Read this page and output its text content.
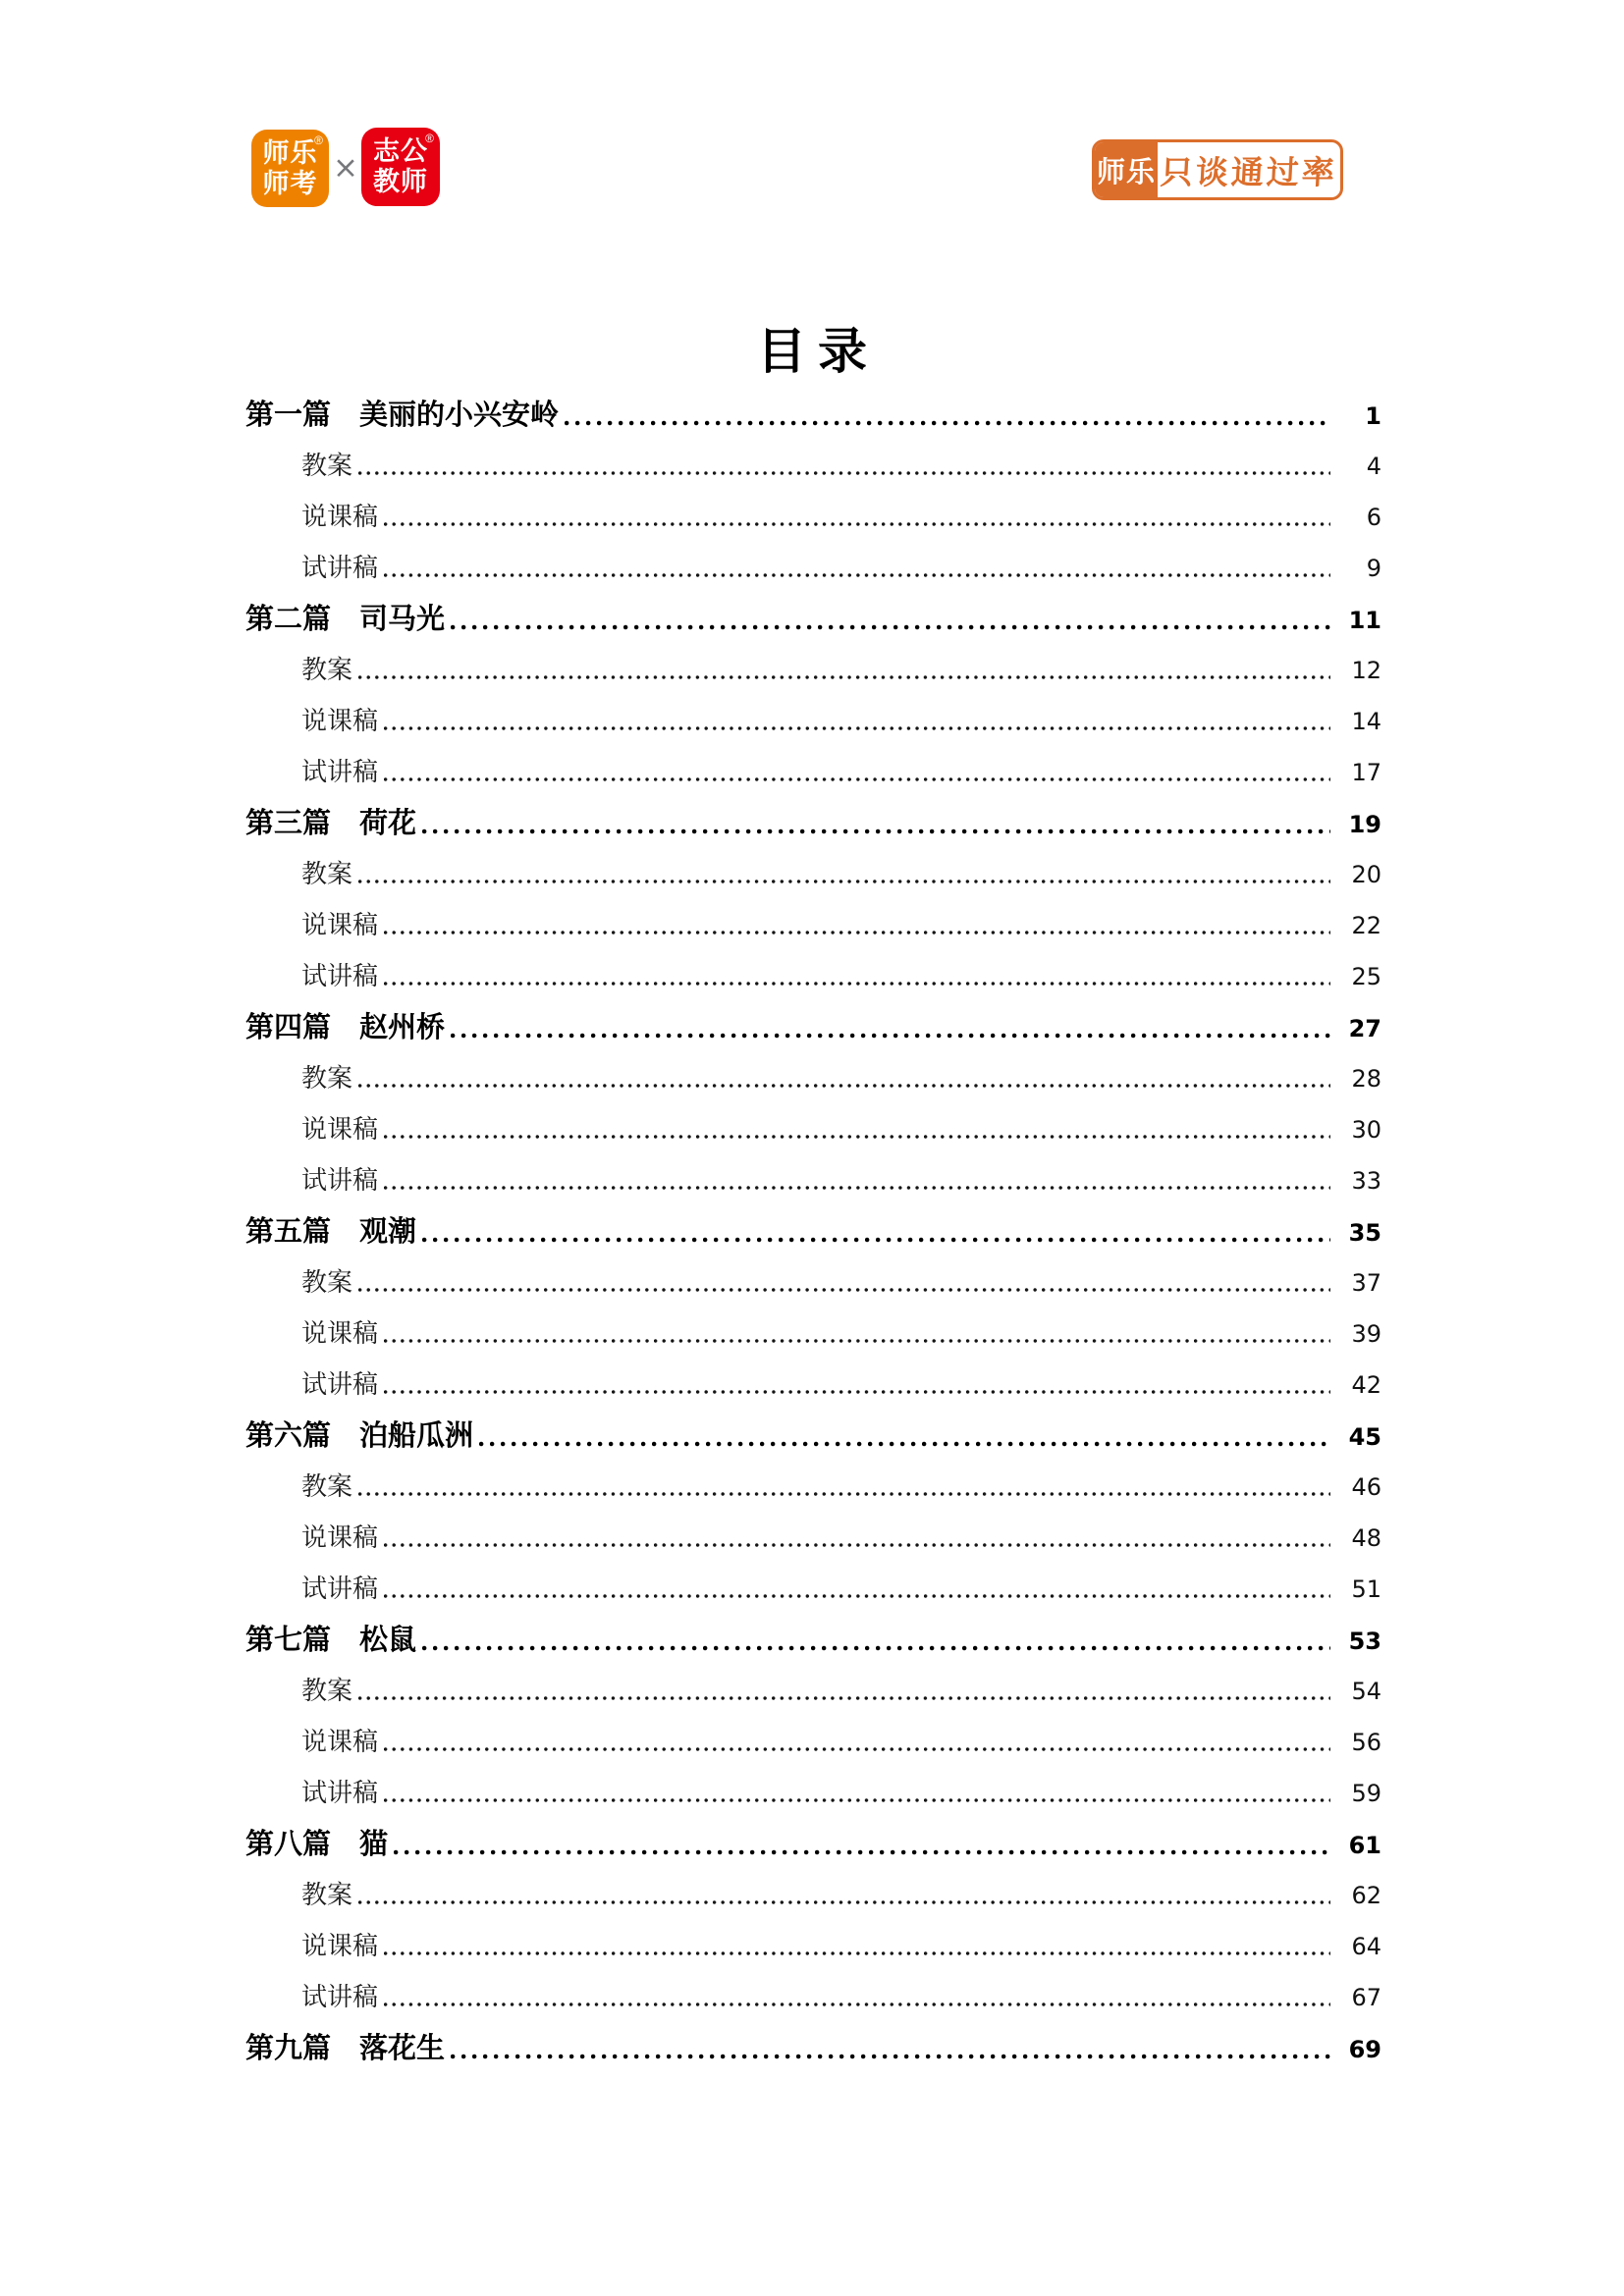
师乐
师考
®
× 志公
教师
®
师乐 只谈通过率
目录
第一篇 美丽的小兴安岭	1
教案	4
说课稿	6
试讲稿	9
第二篇 司马光	11
教案	12
说课稿	14
试讲稿	17
第三篇 荷花	19
教案	20
说课稿	22
试讲稿	25
第四篇 赵州桥	27
教案	28
说课稿	30
试讲稿	33
第五篇 观潮	35
教案	37
说课稿	39
试讲稿	42
第六篇 泊船瓜洲	45
教案	46
说课稿	48
试讲稿	51
第七篇 松鼠	53
教案	54
说课稿	56
试讲稿	59
第八篇 猫	61
教案	62
说课稿	64
试讲稿	67
第九篇 落花生	69
